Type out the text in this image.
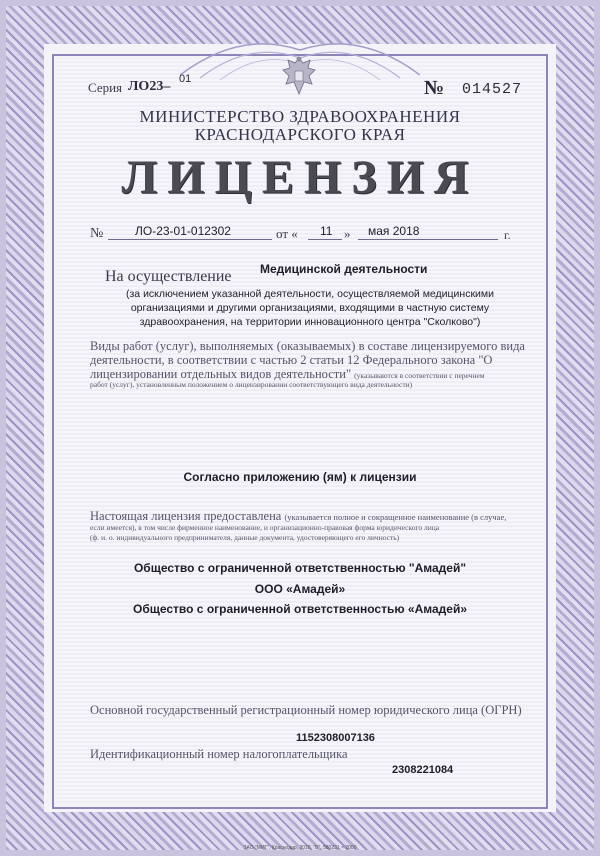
Серия ЛО23– 01	№ 014527
МИНИСТЕРСТВО ЗДРАВООХРАНЕНИЯ
КРАСНОДАРСКОГО КРАЯ
ЛИЦЕНЗИЯ
№	ЛО-23-01-012302	от « 11 » мая 2018	г.
На осуществление Медицинской деятельности
(за исключением указанной деятельности, осуществляемой медицинскими
организациями и другими организациями, входящими в частную систему
здравоохранения, на территории инновационного центра "Сколково")
Виды работ (услуг), выполняемых (оказываемых) в составе лицензируемого вида
деятельности, в соответствии с частью 2 статьи 12 Федерального закона "О
лицензировании отдельных видов деятельности" (указываются в соответствии с перечнем
работ (услуг), установленным положением о лицензировании соответствующего вида деятельности)
Согласно приложению (ям) к лицензии
Настоящая лицензия предоставлена (указывается полное и сокращенное наименование (в случае,
если имеется), в том числе фирменное наименование, и организационно-правовая форма юридического лица
(ф. и. о. индивидуального предпринимателя, данные документа, удостоверяющего его личность)
Общество с ограниченной ответственностью "Амадей"
ООО «Амадей»
Общество с ограниченной ответственностью «Амадей»
Основной государственный регистрационный номер юридического лица (ОГРН)
1152308007136
Идентификационный номер налогоплательщика
2308221084
ЗАО "МИГ", Краснодар, 2018, "Б", 580231 × 2000
